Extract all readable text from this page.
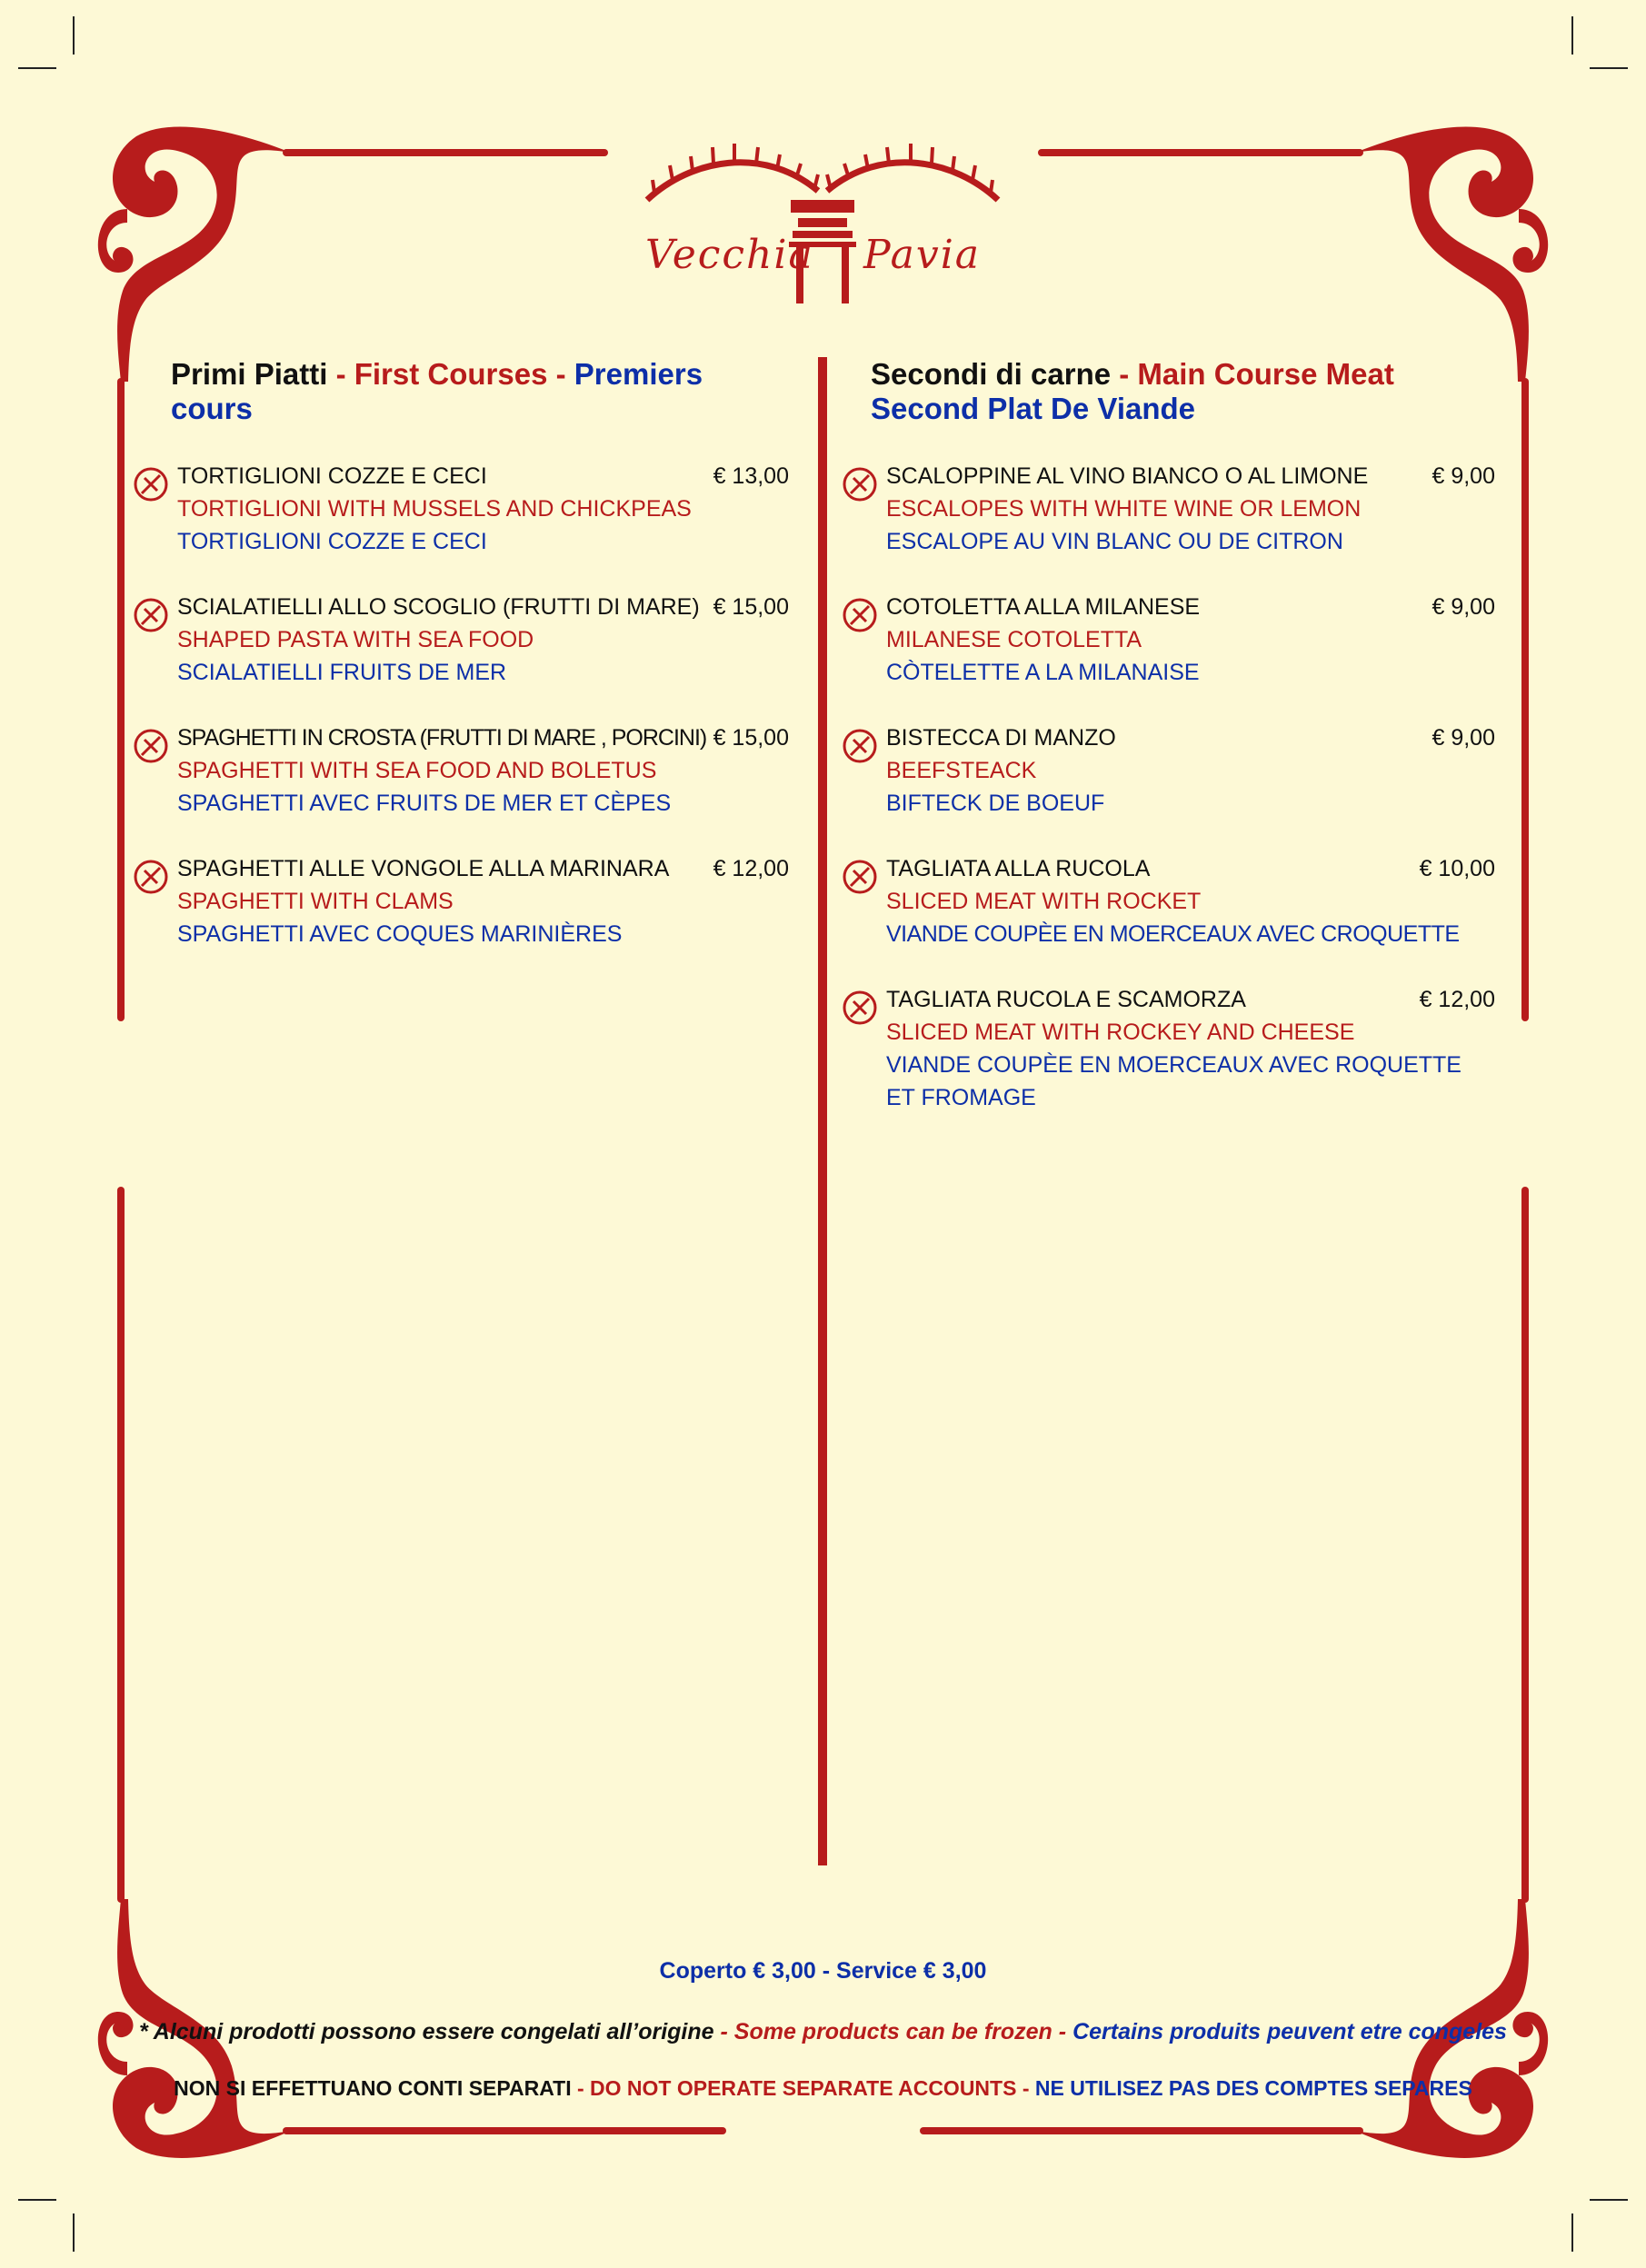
Vecchia Pavia
Primi Piatti - First Courses - Premiers cours
Secondi di carne - Main Course Meat
Second Plat De Viande
TORTIGLIONI COZZE E CECI
TORTIGLIONI WITH MUSSELS AND CHICKPEAS
TORTIGLIONI COZZE E CECI
€ 13,00
SCIALATIELLI ALLO SCOGLIO (FRUTTI DI MARE)
SHAPED PASTA WITH SEA FOOD
SCIALATIELLI FRUITS DE MER
€ 15,00
SPAGHETTI IN CROSTA (FRUTTI DI MARE , PORCINI)
SPAGHETTI WITH SEA FOOD AND BOLETUS
SPAGHETTI AVEC FRUITS DE MER ET CÈPES
€ 15,00
SPAGHETTI ALLE VONGOLE ALLA MARINARA
SPAGHETTI WITH CLAMS
SPAGHETTI AVEC COQUES MARINIÈRES
€ 12,00
SCALOPPINE AL VINO BIANCO O AL LIMONE
ESCALOPES WITH WHITE WINE OR LEMON
ESCALOPE AU VIN BLANC OU DE CITRON
€ 9,00
COTOLETTA ALLA MILANESE
MILANESE COTOLETTA
CÒTELETTE A LA MILANAISE
€ 9,00
BISTECCA DI MANZO
BEEFSTEACK
BIFTECK DE BOEUF
€ 9,00
TAGLIATA ALLA RUCOLA
SLICED MEAT WITH ROCKET
VIANDE COUPÈE EN MOERCEAUX AVEC CROQUETTE
€ 10,00
TAGLIATA RUCOLA E SCAMORZA
SLICED MEAT WITH ROCKEY AND CHEESE
VIANDE COUPÈE EN MOERCEAUX AVEC ROQUETTE
ET FROMAGE
€ 12,00
Coperto € 3,00 - Service € 3,00
* Alcuni prodotti possono essere congelati all’origine - Some products can be frozen - Certains produits peuvent etre congeles
NON SI EFFETTUANO CONTI SEPARATI - DO NOT OPERATE SEPARATE ACCOUNTS - NE UTILISEZ PAS DES COMPTES SEPARES
